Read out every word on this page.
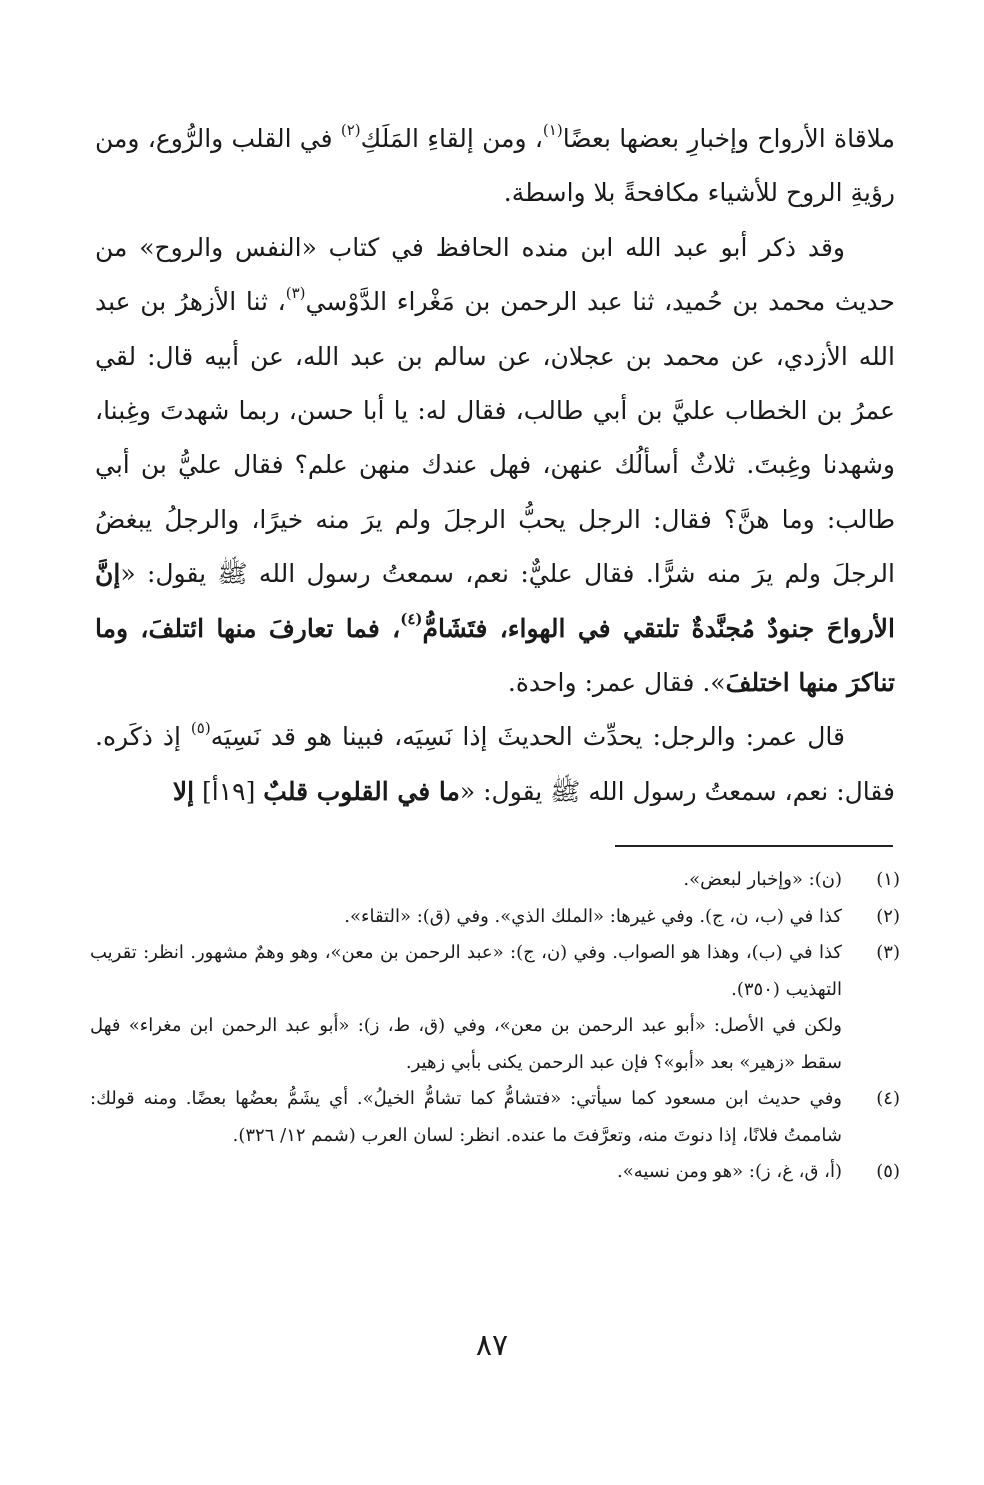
ملاقاة الأرواح وإخبارِ بعضها بعضًا$^{(١)}$، ومن إلقاءِ المَلَكِ$^{(٢)}$ في القلب والرُّوع، ومن رؤيةِ الروح للأشياء مكافحةً بلا واسطة.

وقد ذكر أبو عبد الله ابن منده الحافظ في كتاب «النفس والروح» من حديث محمد بن حُميد، ثنا عبد الرحمن بن مَغْراء الدَّوْسي$^{(٣)}$، ثنا الأزهرُ بن عبد الله الأزدي، عن محمد بن عجلان، عن سالم بن عبد الله، عن أبيه قال: لقي عمرُ بن الخطاب عليَّ بن أبي طالب، فقال له: يا أبا حسن، ربما شهدتَ وغِبنا، وشهدنا وغِبتَ. ثلاثٌ أسألُك عنهن، فهل عندك منهن علم؟ فقال عليُّ بن أبي طالب: وما هنَّ؟ فقال: الرجل يحبُّ الرجلَ ولم يرَ منه خيرًا، والرجلُ يبغضُ الرجلَ ولم يرَ منه شرًّا. فقال عليٌّ: نعم، سمعتُ رسول الله ﷺ يقول: «إنَّ الأرواحَ جنودٌ مُجنَّدةٌ تلتقي في الهواء، فتَشَامُّ$^{(٤)}$، فما تعارفَ منها ائتلفَ، وما تناكرَ منها اختلفَ». فقال عمر: واحدة.

قال عمر: والرجل: يحدِّث الحديثَ إذا نَسِيَه، فبينا هو قد نَسِيَه$^{(٥)}$ إذ ذكَره. فقال: نعم، سمعتُ رسول الله ﷺ يقول: «ما في القلوب قلبٌ [١٩أ] إلا

(١)

(ن): «وإخبار لبعض».

(٢)

كذا في (ب، ن، ج). وفي غيرها: «الملك الذي». وفي (ق): «التقاء».

(٣)

كذا في (ب)، وهذا هو الصواب. وفي (ن، ج): «عبد الرحمن بن معن»، وهو وهمٌ مشهور. انظر: تقريب التهذيب (٣٥٠).

ولكن في الأصل: «أبو عبد الرحمن بن معن»، وفي (ق، ط، ز): «أبو عبد الرحمن ابن مغراء» فهل سقط «زهير» بعد «أبو»؟ فإن عبد الرحمن يكنى بأبي زهير.

(٤)

وفي حديث ابن مسعود كما سيأتي: «فتشامُّ كما تشامُّ الخيلُ». أي يشَمُّ بعضُها بعضًا. ومنه قولك: شاممتُ فلانًا، إذا دنوتَ منه، وتعرَّفتَ ما عنده. انظر: لسان العرب (شمم ١٢/ ٣٢٦).

(٥)

(أ، ق، غ، ز): «هو ومن نسيه».

٨٧
